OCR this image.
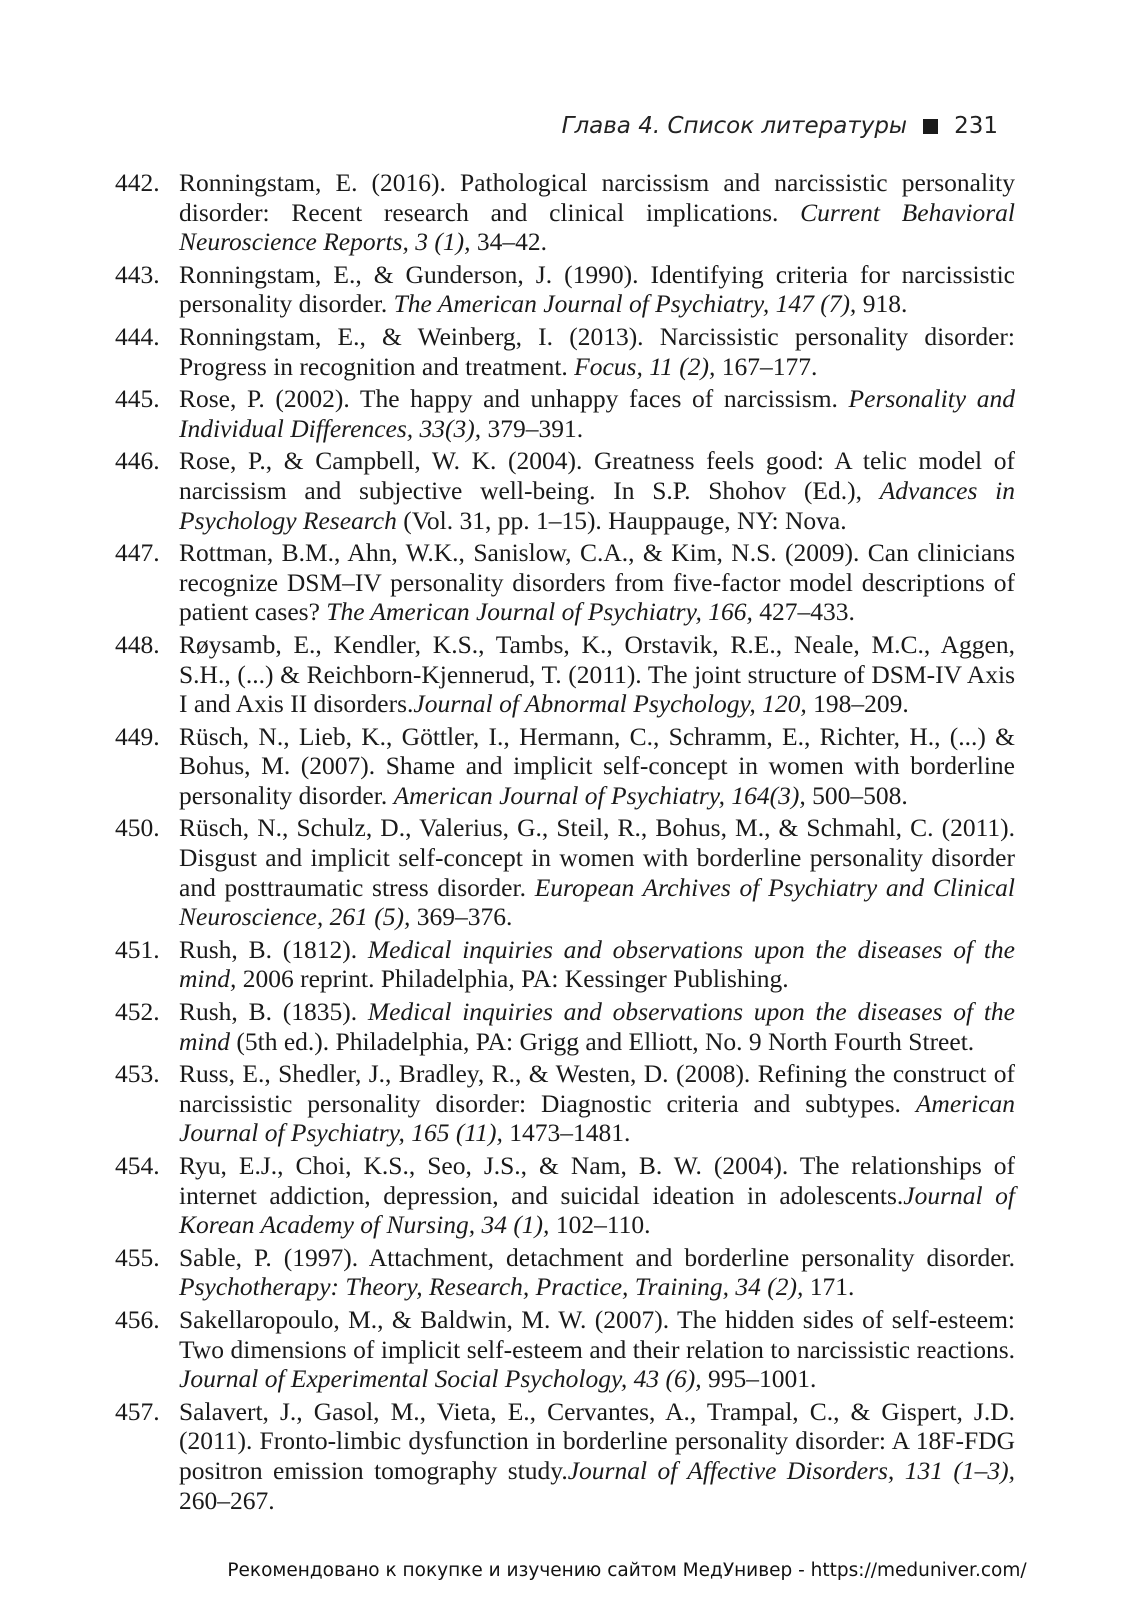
Глава 4. Список литературы 231
442. Ronningstam, E. (2016). Pathological narcissism and narcissistic personality disorder: Recent research and clinical implications. Current Behavioral Neuroscience Reports, 3 (1), 34–42.
443. Ronningstam, E., & Gunderson, J. (1990). Identifying criteria for narcissistic personality disorder. The American Journal of Psychiatry, 147 (7), 918.
444. Ronningstam, E., & Weinberg, I. (2013). Narcissistic personality disorder: Progress in recognition and treatment. Focus, 11 (2), 167–177.
445. Rose, P. (2002). The happy and unhappy faces of narcissism. Personality and Individual Differences, 33(3), 379–391.
446. Rose, P., & Campbell, W. K. (2004). Greatness feels good: A telic model of narcissism and subjective well-being. In S.P. Shohov (Ed.), Advances in Psychology Research (Vol. 31, pp. 1–15). Hauppauge, NY: Nova.
447. Rottman, B.M., Ahn, W.K., Sanislow, C.A., & Kim, N.S. (2009). Can clinicians recognize DSM–IV personality disorders from five-factor model descriptions of patient cases? The American Journal of Psychiatry, 166, 427–433.
448. Røysamb, E., Kendler, K.S., Tambs, K., Orstavik, R.E., Neale, M.C., Aggen, S.H., (...) & Reichborn-Kjennerud, T. (2011). The joint structure of DSM-IV Axis I and Axis II disorders.Journal of Abnormal Psychology, 120, 198–209.
449. Rüsch, N., Lieb, K., Göttler, I., Hermann, C., Schramm, E., Richter, H., (...) & Bohus, M. (2007). Shame and implicit self-concept in women with borderline personality disorder. American Journal of Psychiatry, 164(3), 500–508.
450. Rüsch, N., Schulz, D., Valerius, G., Steil, R., Bohus, M., & Schmahl, C. (2011). Disgust and implicit self-concept in women with borderline personality disorder and posttraumatic stress disorder. European Archives of Psychiatry and Clinical Neuroscience, 261 (5), 369–376.
451. Rush, B. (1812). Medical inquiries and observations upon the diseases of the mind, 2006 reprint. Philadelphia, PA: Kessinger Publishing.
452. Rush, B. (1835). Medical inquiries and observations upon the diseases of the mind (5th ed.). Philadelphia, PA: Grigg and Elliott, No. 9 North Fourth Street.
453. Russ, E., Shedler, J., Bradley, R., & Westen, D. (2008). Refining the construct of narcissistic personality disorder: Diagnostic criteria and subtypes. American Journal of Psychiatry, 165 (11), 1473–1481.
454. Ryu, E.J., Choi, K.S., Seo, J.S., & Nam, B. W. (2004). The relationships of internet addiction, depression, and suicidal ideation in adolescents.Journal of Korean Academy of Nursing, 34 (1), 102–110.
455. Sable, P. (1997). Attachment, detachment and borderline personality disorder. Psychotherapy: Theory, Research, Practice, Training, 34 (2), 171.
456. Sakellaropoulo, M., & Baldwin, M. W. (2007). The hidden sides of self-esteem: Two dimensions of implicit self-esteem and their relation to narcissistic reactions. Journal of Experimental Social Psychology, 43 (6), 995–1001.
457. Salavert, J., Gasol, M., Vieta, E., Cervantes, A., Trampal, C., & Gispert, J.D. (2011). Fronto-limbic dysfunction in borderline personality disorder: A 18F-FDG positron emission tomography study.Journal of Affective Disorders, 131 (1–3), 260–267.
Рекомендовано к покупке и изучению сайтом МедУнивер - https://meduniver.com/
